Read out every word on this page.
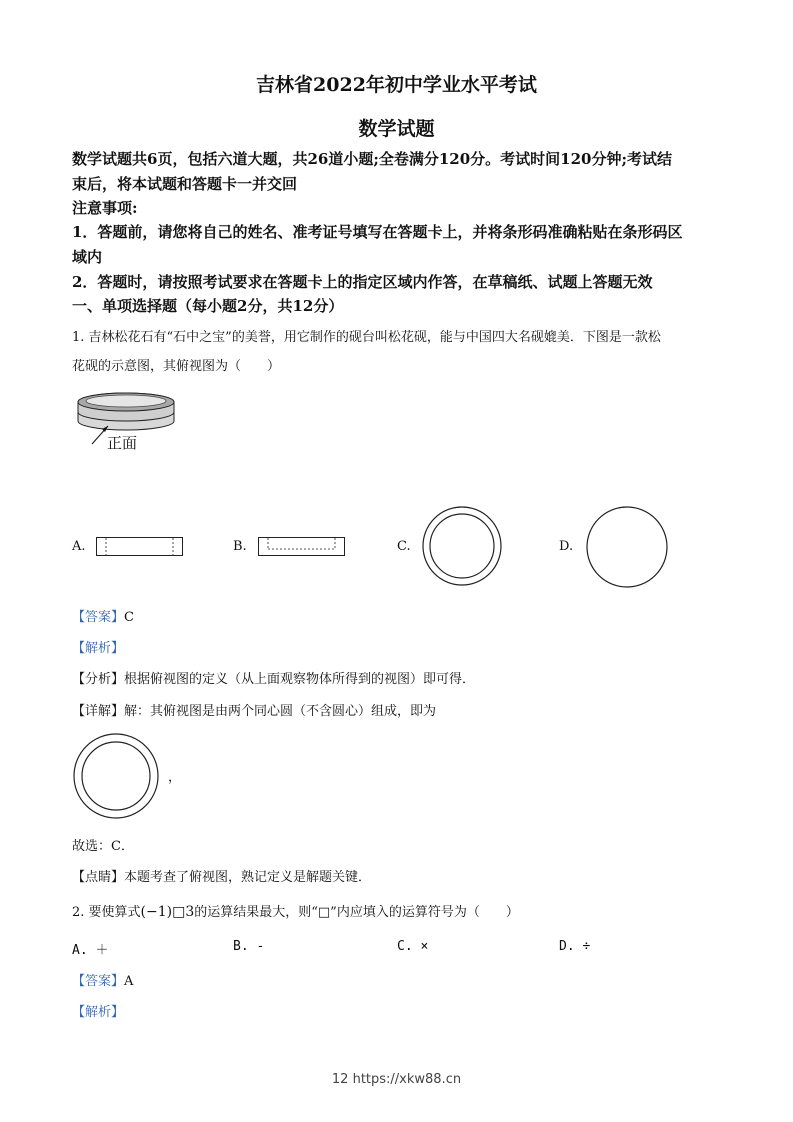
吉林省2022年初中学业水平考试
数学试题
数学试题共6页，包括六道大题，共26道小题;全卷满分120分。考试时间120分钟;考试结
束后，将本试题和答题卡一并交回
注意事项:
1．答题前，请您将自己的姓名、准考证号填写在答题卡上，并将条形码准确粘贴在条形码区
域内
2．答题时，请按照考试要求在答题卡上的指定区域内作答，在草稿纸、试题上答题无效
一、单项选择题（每小题2分，共12分）
1. 吉林松花石有“石中之宝”的美誉，用它制作的砚台叫松花砚，能与中国四大名砚媲美．下图是一款松
花砚的示意图，其俯视图为（　　）
正面
A.	B.	C.	D.
【答案】C
【解析】
【分析】根据俯视图的定义（从上面观察物体所得到的视图）即可得．
【详解】解：其俯视图是由两个同心圆（不含圆心）组成，即为
，
故选：C．
【点睛】本题考查了俯视图，熟记定义是解题关键．
2. 要使算式(−1)□3的运算结果最大，则“□”内应填入的运算符号为（　　）
A. ＋	B. -	C. ×	D. ÷
【答案】A
【解析】
12 https://xkw88.cn
